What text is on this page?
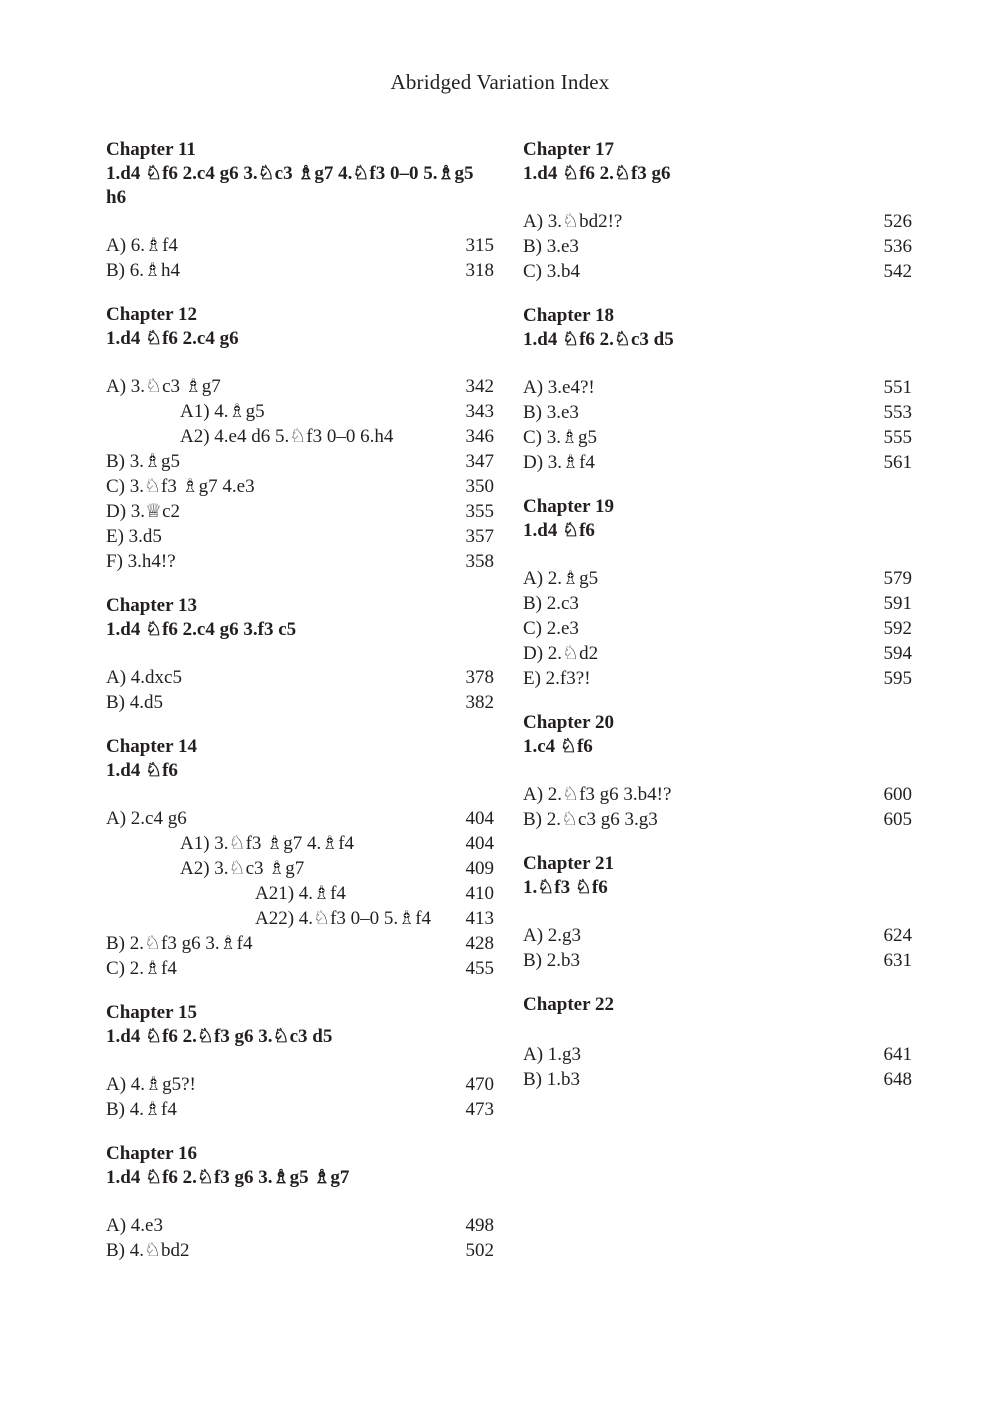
Abridged Variation Index
Chapter 11
1.d4 ♘f6 2.c4 g6 3.♘c3 ♗g7 4.♘f3 0–0 5.♗g5 h6
A) 6.♗f4	315
B) 6.♗h4	318
Chapter 12
1.d4 ♘f6 2.c4 g6
A) 3.♘c3 ♗g7	342
A1) 4.♗g5	343
A2) 4.e4 d6 5.♘f3 0–0 6.h4	346
B) 3.♗g5	347
C) 3.♘f3 ♗g7 4.e3	350
D) 3.♕c2	355
E) 3.d5	357
F) 3.h4!?	358
Chapter 13
1.d4 ♘f6 2.c4 g6 3.f3 c5
A) 4.dxc5	378
B) 4.d5	382
Chapter 14
1.d4 ♘f6
A) 2.c4 g6	404
A1) 3.♘f3 ♗g7 4.♗f4	404
A2) 3.♘c3 ♗g7	409
A21) 4.♗f4	410
A22) 4.♘f3 0–0 5.♗f4 413
B) 2.♘f3 g6 3.♗f4	428
C) 2.♗f4	455
Chapter 15
1.d4 ♘f6 2.♘f3 g6 3.♘c3 d5
A) 4.♗g5?!	470
B) 4.♗f4	473
Chapter 16
1.d4 ♘f6 2.♘f3 g6 3.♗g5 ♗g7
A) 4.e3	498
B) 4.♘bd2	502
Chapter 17
1.d4 ♘f6 2.♘f3 g6
A) 3.♘bd2!?	526
B) 3.e3	536
C) 3.b4	542
Chapter 18
1.d4 ♘f6 2.♘c3 d5
A) 3.e4?!	551
B) 3.e3	553
C) 3.♗g5	555
D) 3.♗f4	561
Chapter 19
1.d4 ♘f6
A) 2.♗g5	579
B) 2.c3	591
C) 2.e3	592
D) 2.♘d2	594
E) 2.f3?!	595
Chapter 20
1.c4 ♘f6
A) 2.♘f3 g6 3.b4!?	600
B) 2.♘c3 g6 3.g3	605
Chapter 21
1.♘f3 ♘f6
A) 2.g3	624
B) 2.b3	631
Chapter 22
A) 1.g3	641
B) 1.b3	648
